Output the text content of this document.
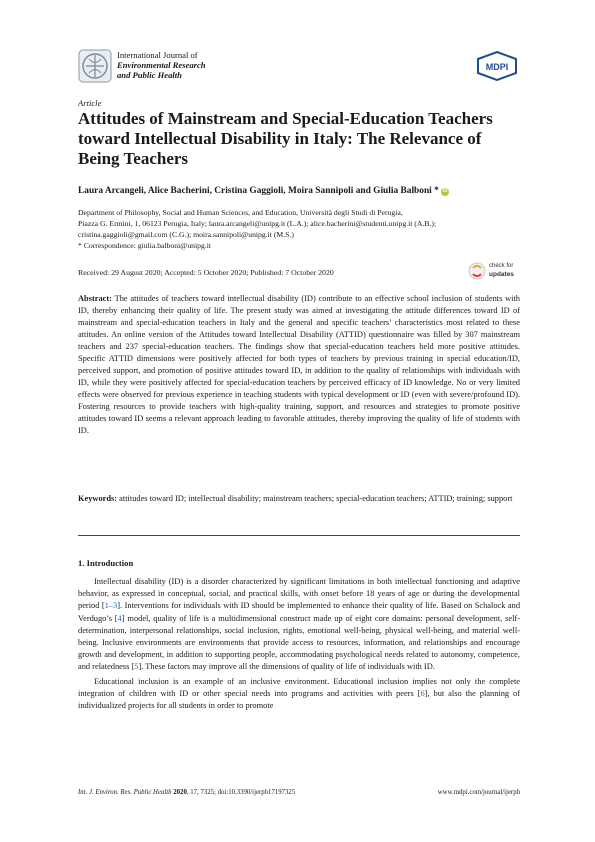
International Journal of
Environmental Research
and Public Health
MDPI
Article
Attitudes of Mainstream and Special-Education Teachers toward Intellectual Disability in Italy: The Relevance of Being Teachers
Laura Arcangeli, Alice Bacherini, Cristina Gaggioli, Moira Sannipoli and Giulia Balboni * iD

Department of Philosophy, Social and Human Sciences, and Education, Università degli Studi di Perugia,

Piazza G. Ermini, 1, 06123 Perugia, Italy; laura.arcangeli@unipg.it (L.A.); alice.bacherini@studenti.unipg.it (A.B.);

cristina.gaggioli@gmail.com (C.G.); moira.sannipoli@unipg.it (M.S.)

* Correspondence: giulia.balboni@unipg.it

Received: 29 August 2020; Accepted: 5 October 2020; Published: 7 October 2020
check for
updates

Abstract: The attitudes of teachers toward intellectual disability (ID) contribute to an effective school inclusion of students with ID, thereby enhancing their quality of life. The present study was aimed at investigating the attitude differences toward ID of mainstream and special-education teachers in Italy and the general and specific teachers’ characteristics most related to these attitudes. An online version of the Attitudes toward Intellectual Disability (ATTID) questionnaire was filled by 307 mainstream teachers and 237 special-education teachers. The findings show that special-education teachers held more positive attitudes. Specific ATTID dimensions were positively affected for both types of teachers by previous training in special education/ID, perceived support, and promotion of positive attitudes toward ID, in addition to the quality of relationships with individuals with ID, while they were positively affected for special-education teachers by perceived efficacy of ID knowledge. No or very limited effects were observed for previous experience in teaching students with typical development or ID (even with severe/profound ID). Fostering resources to provide teachers with high-quality training, support, and resources and strategies to promote positive attitudes toward ID seems a relevant approach leading to favorable attitudes, thereby improving the quality of life of students with ID.

Keywords: attitudes toward ID; intellectual disability; mainstream teachers; special-education teachers; ATTID; training; support

1. Introduction

Intellectual disability (ID) is a disorder characterized by significant limitations in both intellectual functioning and adaptive behavior, as expressed in conceptual, social, and practical skills, with onset before 18 years of age or during the developmental period [1–3]. Interventions for individuals with ID should be implemented to enhance their quality of life. Based on Schalock and Verdugo’s [4] model, quality of life is a multidimensional construct made up of eight core domains: personal development, self-determination, interpersonal relationships, social inclusion, rights, emotional well-being, physical well-being, and material well-being. Inclusive environments are environments that provide access to resources, information, and relationships and encourage growth and development, in addition to supporting people, accommodating psychological needs related to autonomy, competence, and relatedness [5]. These factors may improve all the dimensions of quality of life of individuals with ID.

Educational inclusion is an example of an inclusive environment. Educational inclusion implies not only the complete integration of children with ID or other special needs into programs and activities with peers [6], but also the planning of individualized projects for all students in order to promote

Int. J. Environ. Res. Public Health 2020, 17, 7325; doi:10.3390/ijerph17197325	www.mdpi.com/journal/ijerph
